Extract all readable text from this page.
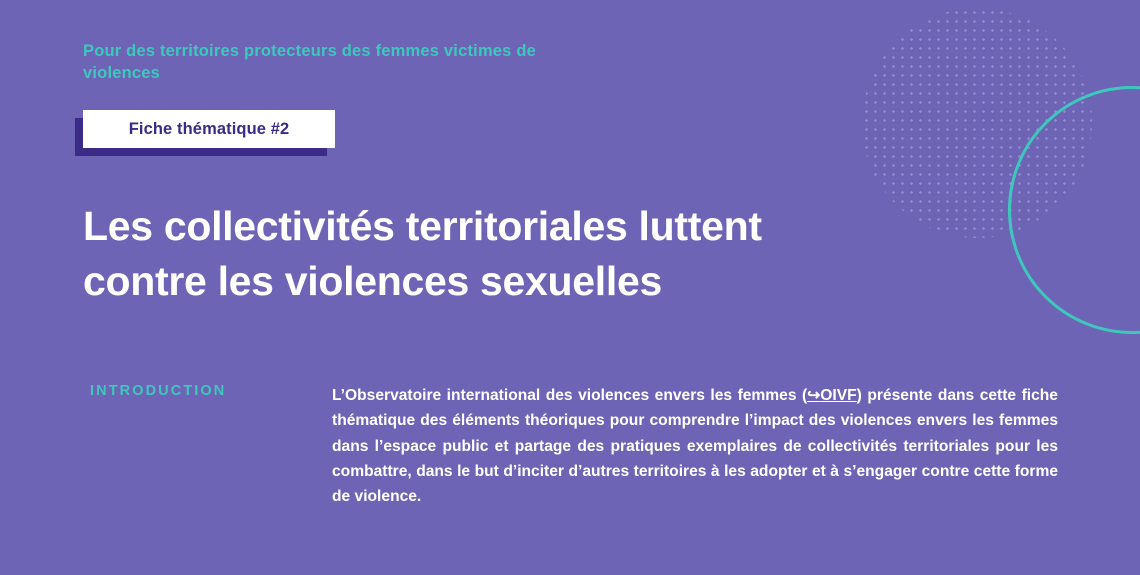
Pour des territoires protecteurs des femmes victimes de violences
Fiche thématique #2
Les collectivités territoriales luttent contre les violences sexuelles
INTRODUCTION	L’Observatoire international des violences envers les femmes (↪OIVF) présente dans cette fiche thématique des éléments théoriques pour comprendre l’impact des violences envers les femmes dans l’espace public et partage des pratiques exemplaires de collectivités territoriales pour les combattre, dans le but d’inciter d’autres territoires à les adopter et à s’engager contre cette forme de violence.
